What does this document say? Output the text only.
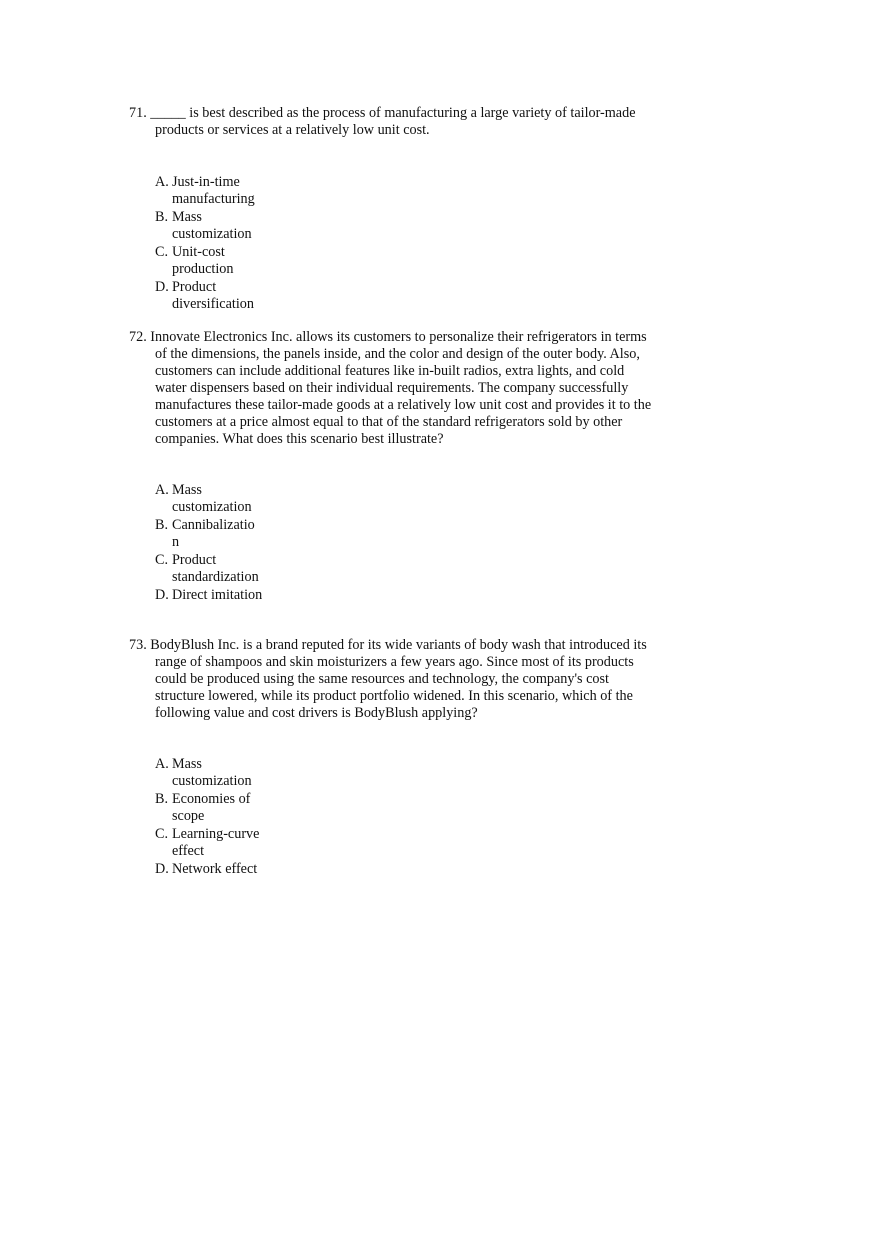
71. _____ is best described as the process of manufacturing a large variety of tailor-made products or services at a relatively low unit cost.

A. Just-in-time manufacturing
B. Mass customization
C. Unit-cost production
D. Product diversification

72. Innovate Electronics Inc. allows its customers to personalize their refrigerators in terms of the dimensions, the panels inside, and the color and design of the outer body. Also, customers can include additional features like in-built radios, extra lights, and cold water dispensers based on their individual requirements. The company successfully manufactures these tailor-made goods at a relatively low unit cost and provides it to the customers at a price almost equal to that of the standard refrigerators sold by other companies. What does this scenario best illustrate?

A. Mass customization
B. Cannibalization
C. Product standardization
D. Direct imitation

73. BodyBlush Inc. is a brand reputed for its wide variants of body wash that introduced its range of shampoos and skin moisturizers a few years ago. Since most of its products could be produced using the same resources and technology, the company's cost structure lowered, while its product portfolio widened. In this scenario, which of the following value and cost drivers is BodyBlush applying?

A. Mass customization
B. Economies of scope
C. Learning-curve effect
D. Network effect
